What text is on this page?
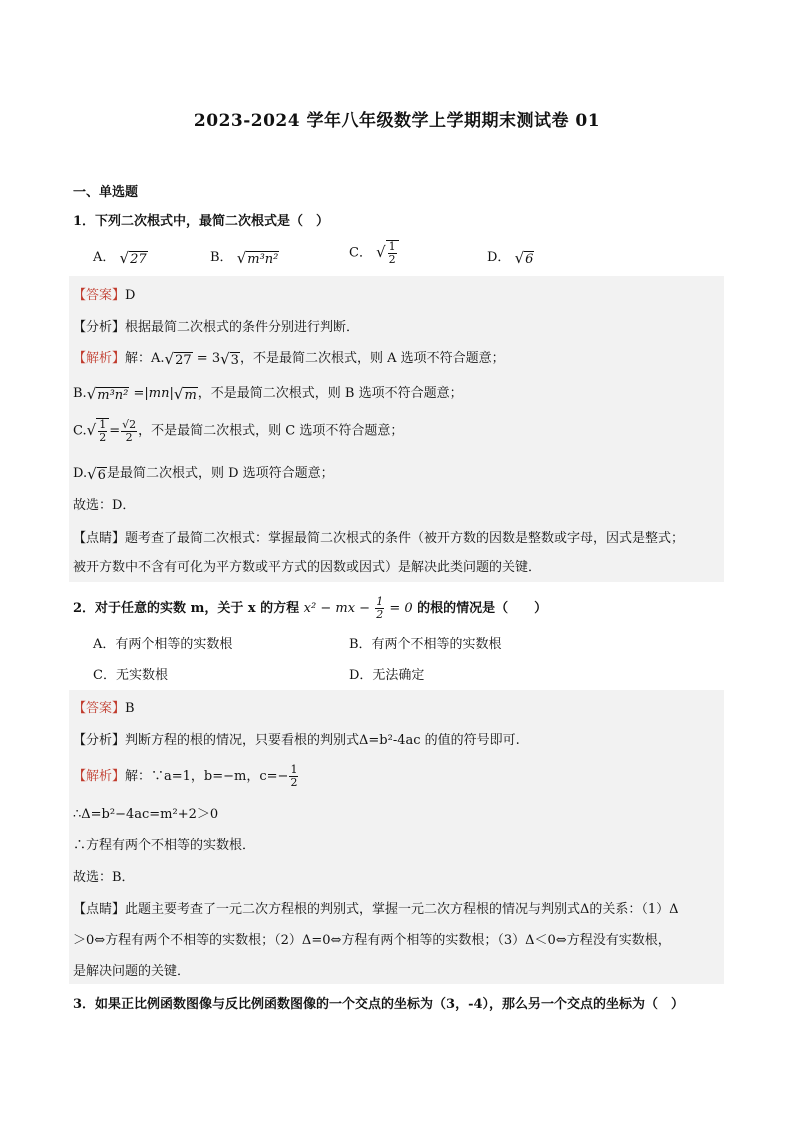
2023-2024 学年八年级数学上学期期末测试卷 01
一、单选题
1．下列二次根式中，最简二次根式是（　）
A． √27	B． √m³n²	C． √ $\frac{1}{2}$	D． √6
【答案】D
【分析】根据最简二次根式的条件分别进行判断．
【解析】解：A.√27 = 3√3，不是最简二次根式，则 A 选项不符合题意；
B.√m³n² =|mn|√m，不是最简二次根式，则 B 选项不符合题意；
$C.√ \frac{1}{2} = \frac{√2}{2}$ ，不是最简二次根式，则 C 选项不符合题意；
D.√6是最简二次根式，则 D 选项符合题意；
故选：D．
【点睛】题考查了最简二次根式：掌握最简二次根式的条件（被开方数的因数是整数或字母，因式是整式；
被开方数中不含有可化为平方数或平方式的因数或因式）是解决此类问题的关键．
2．对于任意的实数 m，关于 x 的方程 x² − mx − $\frac{1}{2} = 0$ 的根的情况是（　　）
A．有两个相等的实数根	B．有两个不相等的实数根
C．无实数根	D．无法确定
【答案】B
【分析】判断方程的根的情况，只要看根的判别式Δ=b²-4ac 的值的符号即可.
【解析】解：∵a=1，b=−m，$c=- \frac{1}{2}$
∴Δ=b²−4ac=m²+2＞0
∴方程有两个不相等的实数根．
故选：B．
【点睛】此题主要考查了一元二次方程根的判别式，掌握一元二次方程根的情况与判别式Δ的关系：（1）Δ
＞0⇔方程有两个不相等的实数根；（2）Δ=0⇔方程有两个相等的实数根；（3）Δ＜0⇔方程没有实数根，
是解决问题的关键．
3．如果正比例函数图像与反比例函数图像的一个交点的坐标为（3，-4），那么另一个交点的坐标为（　）
